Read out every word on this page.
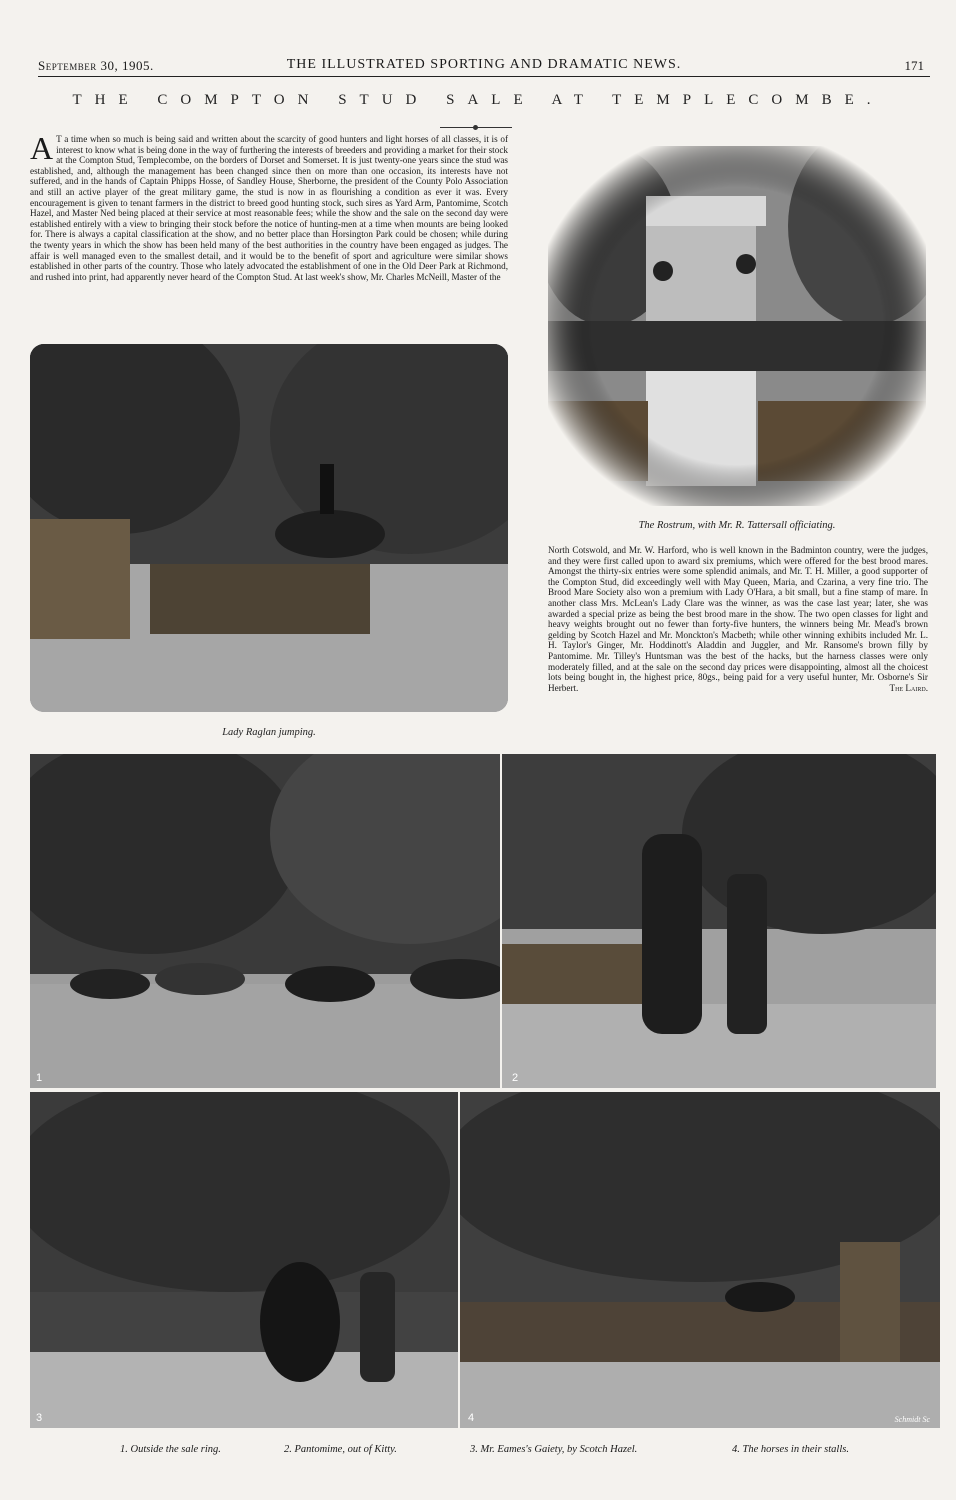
September 30, 1905.	THE ILLUSTRATED SPORTING AND DRAMATIC NEWS.	171
THE COMPTON STUD SALE AT TEMPLECOMBE.
A T a time when so much is being said and written about the scarcity of good hunters and light horses of all classes, it is of interest to know what is being done in the way of furthering the interests of breeders and providing a market for their stock at the Compton Stud, Templecombe, on the borders of Dorset and Somerset. It is just twenty-one years since the stud was established, and, although the management has been changed since then on more than one occasion, its interests have not suffered, and in the hands of Captain Phipps Hosse, of Sandley House, Sherborne, the president of the County Polo Association and still an active player of the great military game, the stud is now in as flourishing a condition as ever it was. Every encouragement is given to tenant farmers in the district to breed good hunting stock, such sires as Yard Arm, Pantomime, Scotch Hazel, and Master Ned being placed at their service at most reasonable fees; while the show and the sale on the second day were established entirely with a view to bringing their stock before the notice of hunting-men at a time when mounts are being looked for. There is always a capital classification at the show, and no better place than Horsington Park could be chosen; while during the twenty years in which the show has been held many of the best authorities in the country have been engaged as judges. The affair is well managed even to the smallest detail, and it would be to the benefit of sport and agriculture were similar shows established in other parts of the country. Those who lately advocated the establishment of one in the Old Deer Park at Richmond, and rushed into print, had apparently never heard of the Compton Stud. At last week's show, Mr. Charles McNeill, Master of the
The Rostrum, with Mr. R. Tattersall officiating.
North Cotswold, and Mr. W. Harford, who is well known in the Badminton country, were the judges, and they were first called upon to award six premiums, which were offered for the best brood mares. Amongst the thirty-six entries were some splendid animals, and Mr. T. H. Miller, a good supporter of the Compton Stud, did exceedingly well with May Queen, Maria, and Czarina, a very fine trio. The Brood Mare Society also won a premium with Lady O'Hara, a bit small, but a fine stamp of mare. In another class Mrs. McLean's Lady Clare was the winner, as was the case last year; later, she was awarded a special prize as being the best brood mare in the show. The two open classes for light and heavy weights brought out no fewer than forty-five hunters, the winners being Mr. Mead's brown gelding by Scotch Hazel and Mr. Monckton's Macbeth; while other winning exhibits included Mr. L. H. Taylor's Ginger, Mr. Hoddinott's Aladdin and Juggler, and Mr. Ransome's brown filly by Pantomime. Mr. Tilley's Huntsman was the best of the hacks, but the harness classes were only moderately filled, and at the sale on the second day prices were disappointing, almost all the choicest lots being bought in, the highest price, 80gs., being paid for a very useful hunter, Mr. Osborne's Sir Herbert.	The Laird.
Lady Raglan jumping.
1	2
3	4	Schmidt Sc
1. Outside the sale ring.	2. Pantomime, out of Kitty.	3. Mr. Eames's Gaiety, by Scotch Hazel.	4. The horses in their stalls.
